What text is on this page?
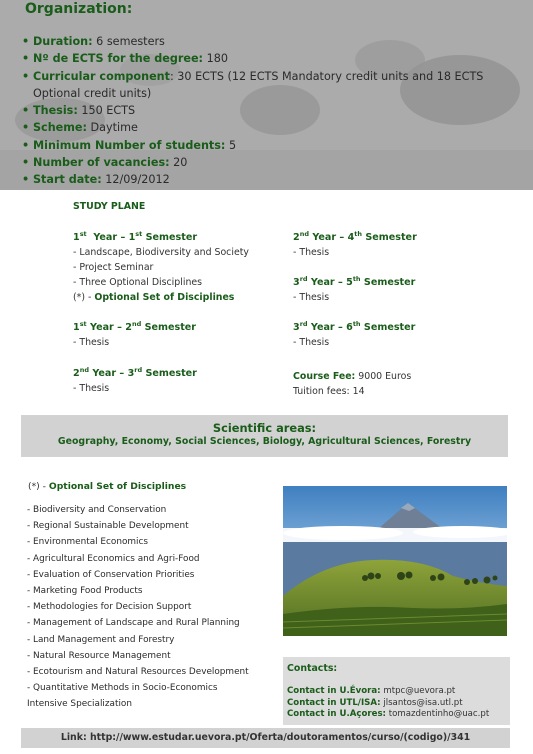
Organization:
• Duration: 6 semesters
• Nº de ECTS for the degree: 180
• Curricular component: 30 ECTS (12 ECTS Mandatory credit units and 18 ECTS Optional credit units)
• Thesis: 150 ECTS
• Scheme: Daytime
• Minimum Number of students: 5
• Number of vacancies: 20
• Start date: 12/09/2012
STUDY PLANE
1st Year – 1st Semester
- Landscape, Biodiversity and Society
- Project Seminar
- Three Optional Disciplines
(*) - Optional Set of Disciplines
1st Year – 2nd Semester
- Thesis
2nd Year – 3rd Semester
- Thesis
2nd Year – 4th Semester
- Thesis
3rd Year – 5th Semester
- Thesis
3rd Year – 6th Semester
- Thesis
Course Fee: 9000 Euros
Tuition fees: 14
Scientific areas:
Geography, Economy, Social Sciences, Biology, Agricultural Sciences, Forestry
(*) - Optional Set of Disciplines
- Biodiversity and Conservation
- Regional Sustainable Development
- Environmental Economics
- Agricultural Economics and Agri-Food
- Evaluation of Conservation Priorities
- Marketing Food Products
- Methodologies for Decision Support
- Management of Landscape and Rural Planning
- Land Management and Forestry
- Natural Resource Management
- Ecotourism and Natural Resources Development
- Quantitative Methods in Socio-Economics
Intensive Specialization
Contacts:
Contact in U.Évora: mtpc@uevora.pt
Contact in UTL/ISA: jlsantos@isa.utl.pt
Contact in U.Açores: tomazdentinho@uac.pt
Link: http://www.estudar.uevora.pt/Oferta/doutoramentos/curso/(codigo)/341
